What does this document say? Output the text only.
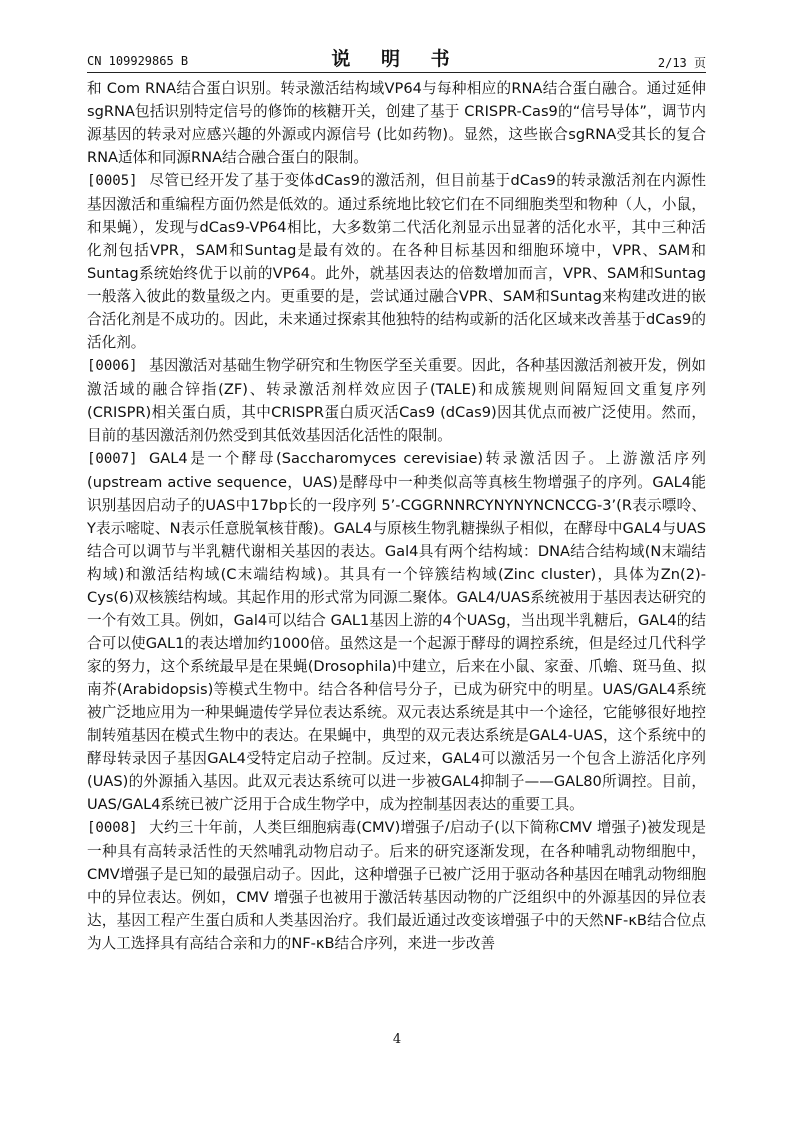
CN 109929865 B	说 明 书	2/13 页

和 Com RNA结合蛋白识别。转录激活结构域VP64与每种相应的RNA结合蛋白融合。通过延伸sgRNA包括识别特定信号的修饰的核糖开关，创建了基于 CRISPR-Cas9的“信号导体”，调节内源基因的转录对应感兴趣的外源或内源信号 (比如药物)。显然，这些嵌合sgRNA受其长的复合RNA适体和同源RNA结合融合蛋白的限制。

[0005] 尽管已经开发了基于变体dCas9的激活剂，但目前基于dCas9的转录激活剂在内源性基因激活和重编程方面仍然是低效的。通过系统地比较它们在不同细胞类型和物种（人，小鼠，和果蝇），发现与dCas9-VP64相比，大多数第二代活化剂显示出显著的活化水平，其中三种活化剂包括VPR，SAM和Suntag是最有效的。在各种目标基因和细胞环境中，VPR、SAM和Suntag系统始终优于以前的VP64。此外，就基因表达的倍数增加而言，VPR、SAM和Suntag一般落入彼此的数量级之内。更重要的是，尝试通过融合VPR、SAM和Suntag来构建改进的嵌合活化剂是不成功的。因此，未来通过探索其他独特的结构或新的活化区域来改善基于dCas9的活化剂。

[0006] 基因激活对基础生物学研究和生物医学至关重要。因此，各种基因激活剂被开发，例如激活域的融合锌指(ZF)、转录激活剂样效应因子(TALE)和成簇规则间隔短回文重复序列(CRISPR)相关蛋白质，其中CRISPR蛋白质灭活Cas9 (dCas9)因其优点而被广泛使用。然而，目前的基因激活剂仍然受到其低效基因活化活性的限制。

[0007] GAL4是一个酵母(Saccharomyces cerevisiae)转录激活因子。上游激活序列(upstream active sequence，UAS)是酵母中一种类似高等真核生物增强子的序列。GAL4能识别基因启动子的UAS中17bp长的一段序列 5’-CGGRNNRCYNYNYNCNCCG-3’(R表示嘌呤、Y表示嘧啶、N表示任意脱氧核苷酸)。GAL4与原核生物乳糖操纵子相似，在酵母中GAL4与UAS结合可以调节与半乳糖代谢相关基因的表达。Gal4具有两个结构域：DNA结合结构域(N末端结构域)和激活结构域(C末端结构域)。其具有一个锌簇结构域(Zinc cluster)，具体为Zn(2)-Cys(6)双核簇结构域。其起作用的形式常为同源二聚体。GAL4/UAS系统被用于基因表达研究的一个有效工具。例如，Gal4可以结合 GAL1基因上游的4个UASg，当出现半乳糖后，GAL4的结合可以使GAL1的表达增加约1000倍。虽然这是一个起源于酵母的调控系统，但是经过几代科学家的努力，这个系统最早是在果蝇(Drosophila)中建立，后来在小鼠、家蚕、爪蟾、斑马鱼、拟南芥(Arabidopsis)等模式生物中。结合各种信号分子，已成为研究中的明星。UAS/GAL4系统被广泛地应用为一种果蝇遗传学异位表达系统。双元表达系统是其中一个途径，它能够很好地控制转殖基因在模式生物中的表达。在果蝇中，典型的双元表达系统是GAL4-UAS，这个系统中的酵母转录因子基因GAL4受特定启动子控制。反过来，GAL4可以激活另一个包含上游活化序列(UAS)的外源插入基因。此双元表达系统可以进一步被GAL4抑制子——GAL80所调控。目前，UAS/GAL4系统已被广泛用于合成生物学中，成为控制基因表达的重要工具。

[0008] 大约三十年前，人类巨细胞病毒(CMV)增强子/启动子(以下简称CMV 增强子)被发现是一种具有高转录活性的天然哺乳动物启动子。后来的研究逐渐发现，在各种哺乳动物细胞中，CMV增强子是已知的最强启动子。因此，这种增强子已被广泛用于驱动各种基因在哺乳动物细胞中的异位表达。例如，CMV 增强子也被用于激活转基因动物的广泛组织中的外源基因的异位表达，基因工程产生蛋白质和人类基因治疗。我们最近通过改变该增强子中的天然NF-κB结合位点为人工选择具有高结合亲和力的NF-κB结合序列，来进一步改善

4
